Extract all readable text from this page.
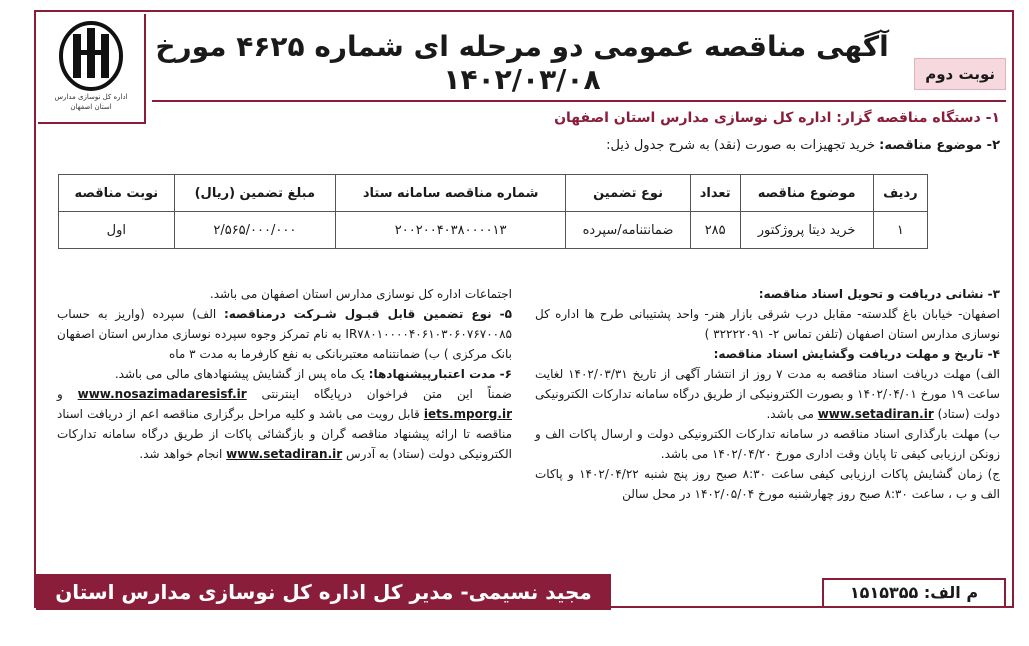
اداره کل نوسازی مدارس
استان اصفهان
نوبت دوم
آگهی مناقصه عمومی دو مرحله ای شماره ۴۶۲۵ مورخ ۱۴۰۲/۰۳/۰۸
۱- دستگاه مناقصه گزار: اداره کل نوسازی مدارس استان اصفهان
۲- موضوع مناقصه: خرید تجهیزات به صورت (نقد) به شرح جدول ذیل:
ردیف	موضوع مناقصه	تعداد	نوع تضمین	شماره مناقصه سامانه ستاد	مبلغ تضمین (ریال)	نوبت مناقصه
۱	خرید دیتا پروژکتور	۲۸۵	ضمانتنامه/سپرده	۲۰۰۲۰۰۴۰۳۸۰۰۰۰۱۳	۲/۵۶۵/۰۰۰/۰۰۰	اول

۳- نشانی دریافت و تحویل اسناد مناقصه:

اصفهان- خیابان باغ گلدسته- مقابل درب شرقی بازار هنر- واحد پشتیبانی طرح ها اداره کل نوسازی مدارس استان اصفهان (تلفن تماس ۲- ۳۲۲۲۲۰۹۱ )

۴- تاریخ و مهلت دریافت وگشایش اسناد مناقصه:

الف) مهلت دریافت اسناد مناقصه به مدت ۷ روز از انتشار آگهی از تاریخ ۱۴۰۲/۰۳/۳۱ لغایت ساعت ۱۹ مورخ ۱۴۰۲/۰۴/۰۱ و بصورت الکترونیکی از طریق درگاه سامانه تدارکات الکترونیکی دولت (ستاد) www.setadiran.ir می باشد.

ب) مهلت بارگذاری اسناد مناقصه در سامانه تدارکات الکترونیکی دولت و ارسال پاکات الف و زونکن ارزیابی کیفی تا پایان وقت اداری مورخ ۱۴۰۲/۰۴/۲۰ می باشد.

ج) زمان گشایش پاکات ارزیابی کیفی ساعت ۸:۳۰ صبح روز پنج شنبه ۱۴۰۲/۰۴/۲۲ و پاکات الف و ب ، ساعت ۸:۳۰ صبح روز چهارشنبه مورخ ۱۴۰۲/۰۵/۰۴ در محل سالن

اجتماعات اداره کل نوسازی مدارس استان اصفهان می باشد.

۵- نوع تضمین قابل قبـول شـرکت درمناقصه: الف) سپرده (واریز به حساب IR۷۸۰۱۰۰۰۰۴۰۶۱۰۳۰۶۰۷۶۷۰۰۸۵ به نام تمرکز وجوه سپرده نوسازی مدارس استان اصفهان بانک مرکزی ) ب) ضمانتنامه معتبربانکی به نفع کارفرما به مدت ۳ ماه

۶- مدت اعتبارپیشنهادها: یک ماه پس از گشایش پیشنهادهای مالی می باشد.

ضمناً این متن فراخوان درپایگاه اینترنتی www.nosazimadaresisf.ir و iets.mporg.ir قابل رویت می باشد و کلیه مراحل برگزاری مناقصه اعم از دریافت اسناد مناقصه تا ارائه پیشنهاد مناقصه گران و بازگشائی پاکات از طریق درگاه سامانه تدارکات الکترونیکی دولت (ستاد) به آدرس www.setadiran.ir انجام خواهد شد.

مجید نسیمی- مدیر کل اداره کل نوسازی مدارس استان اصفهان
م الف: ۱۵۱۵۳۵۵
